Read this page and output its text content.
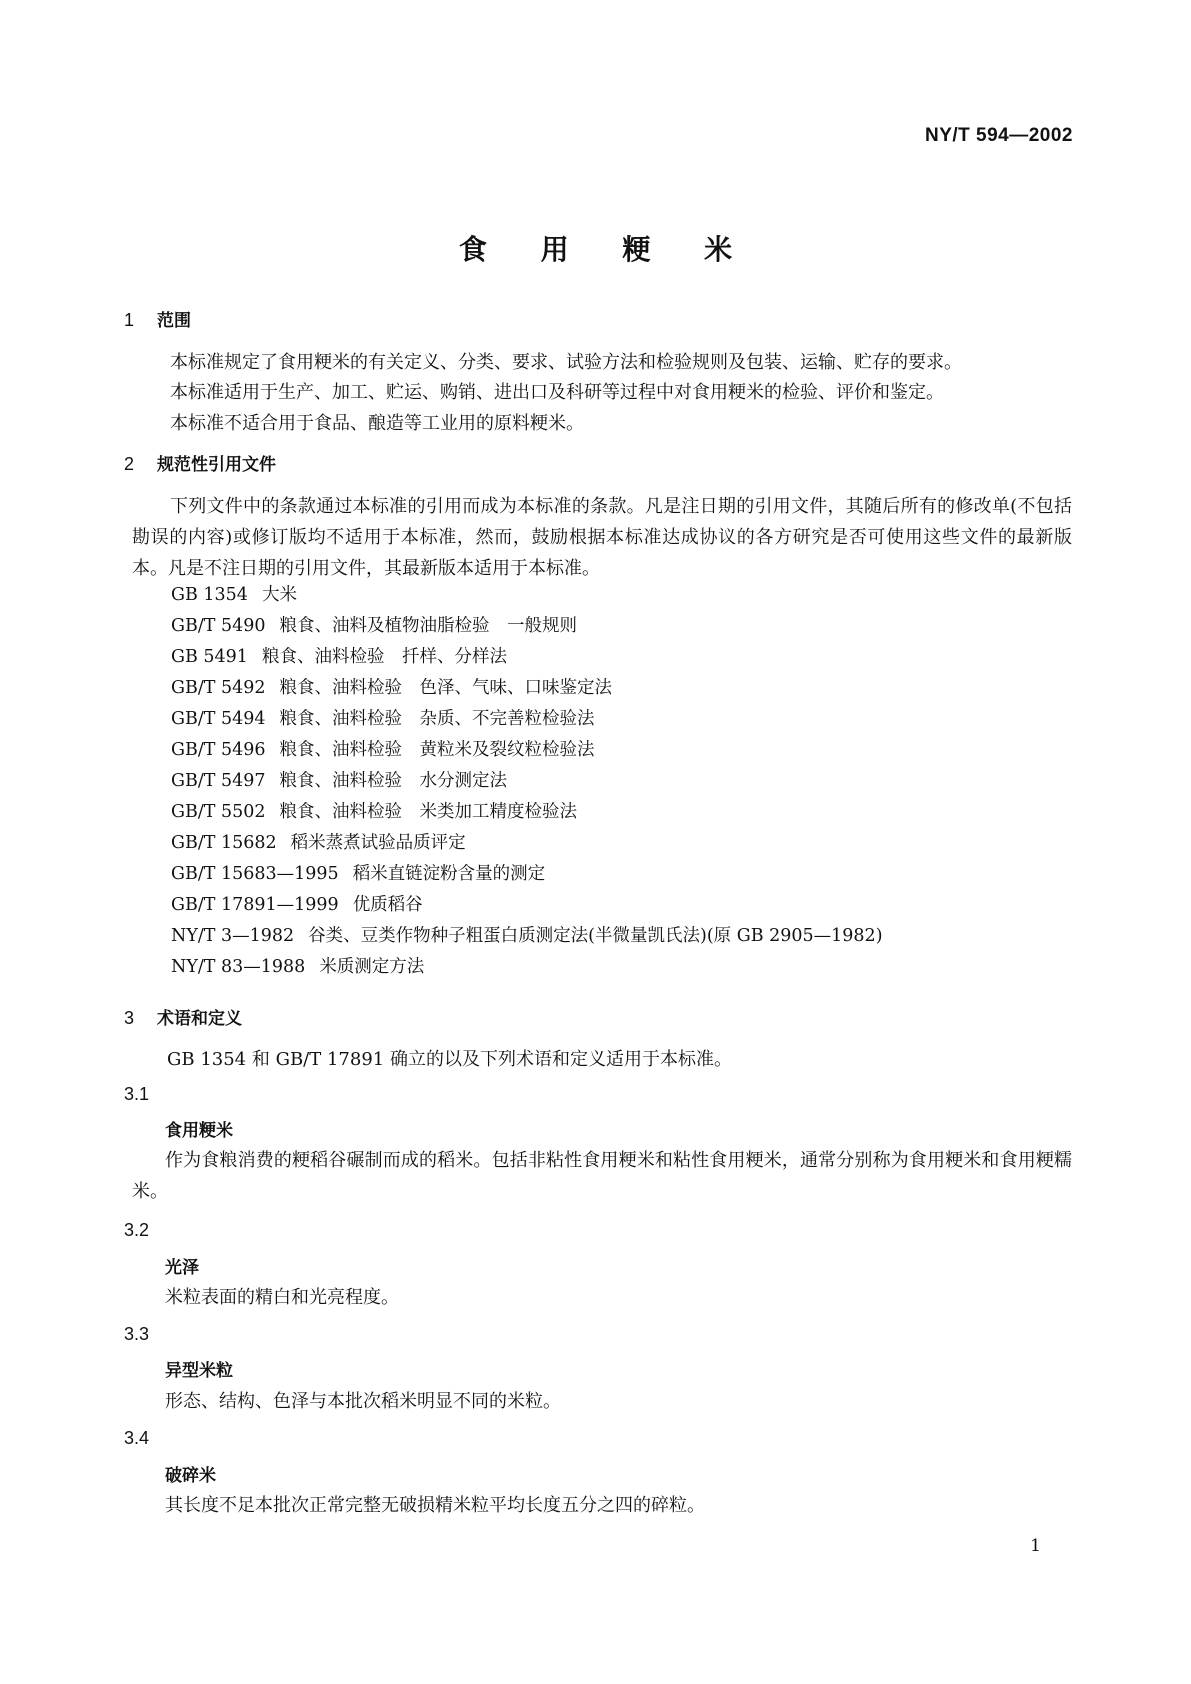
NY/T 594—2002
食 用 粳 米
1 范围
本标准规定了食用粳米的有关定义、分类、要求、试验方法和检验规则及包装、运输、贮存的要求。
本标准适用于生产、加工、贮运、购销、进出口及科研等过程中对食用粳米的检验、评价和鉴定。
本标准不适合用于食品、酿造等工业用的原料粳米。
2 规范性引用文件
下列文件中的条款通过本标准的引用而成为本标准的条款。凡是注日期的引用文件，其随后所有的修改单(不包括勘误的内容)或修订版均不适用于本标准，然而，鼓励根据本标准达成协议的各方研究是否可使用这些文件的最新版本。凡是不注日期的引用文件，其最新版本适用于本标准。
GB 1354 大米
GB/T 5490 粮食、油料及植物油脂检验　一般规则
GB 5491 粮食、油料检验　扦样、分样法
GB/T 5492 粮食、油料检验　色泽、气味、口味鉴定法
GB/T 5494 粮食、油料检验　杂质、不完善粒检验法
GB/T 5496 粮食、油料检验　黄粒米及裂纹粒检验法
GB/T 5497 粮食、油料检验　水分测定法
GB/T 5502 粮食、油料检验　米类加工精度检验法
GB/T 15682 稻米蒸煮试验品质评定
GB/T 15683—1995 稻米直链淀粉含量的测定
GB/T 17891—1999 优质稻谷
NY/T 3—1982 谷类、豆类作物种子粗蛋白质测定法(半微量凯氏法)(原 GB 2905—1982)
NY/T 83—1988 米质测定方法
3 术语和定义
GB 1354 和 GB/T 17891 确立的以及下列术语和定义适用于本标准。
3.1
食用粳米
作为食粮消费的粳稻谷碾制而成的稻米。包括非粘性食用粳米和粘性食用粳米，通常分别称为食用粳米和食用粳糯米。
3.2
光泽
米粒表面的精白和光亮程度。
3.3
异型米粒
形态、结构、色泽与本批次稻米明显不同的米粒。
3.4
破碎米
其长度不足本批次正常完整无破损精米粒平均长度五分之四的碎粒。
1
